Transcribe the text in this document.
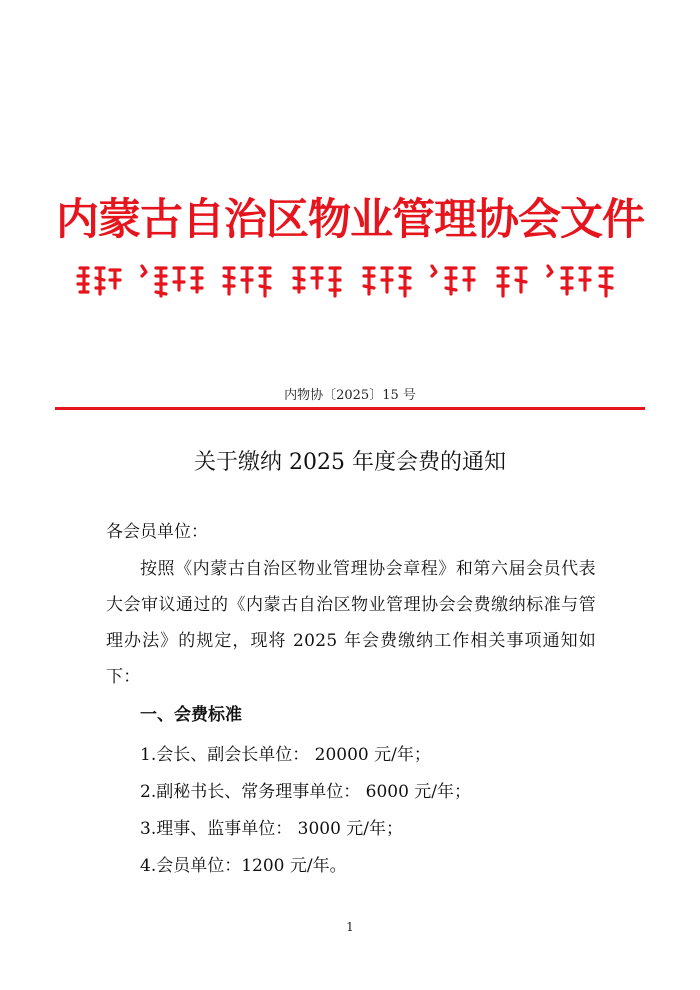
内蒙古自治区物业管理协会文件
内物协〔2025〕15 号
关于缴纳 2025 年度会费的通知
各会员单位：
按照《内蒙古自治区物业管理协会章程》和第六届会员代表大会审议通过的《内蒙古自治区物业管理协会会费缴纳标准与管理办法》的规定，现将 2025 年会费缴纳工作相关事项通知如下：
一、会费标准
1.会长、副会长单位： 20000 元/年；
2.副秘书长、常务理事单位： 6000 元/年；
3.理事、监事单位： 3000 元/年；
4.会员单位：1200 元/年。
1
